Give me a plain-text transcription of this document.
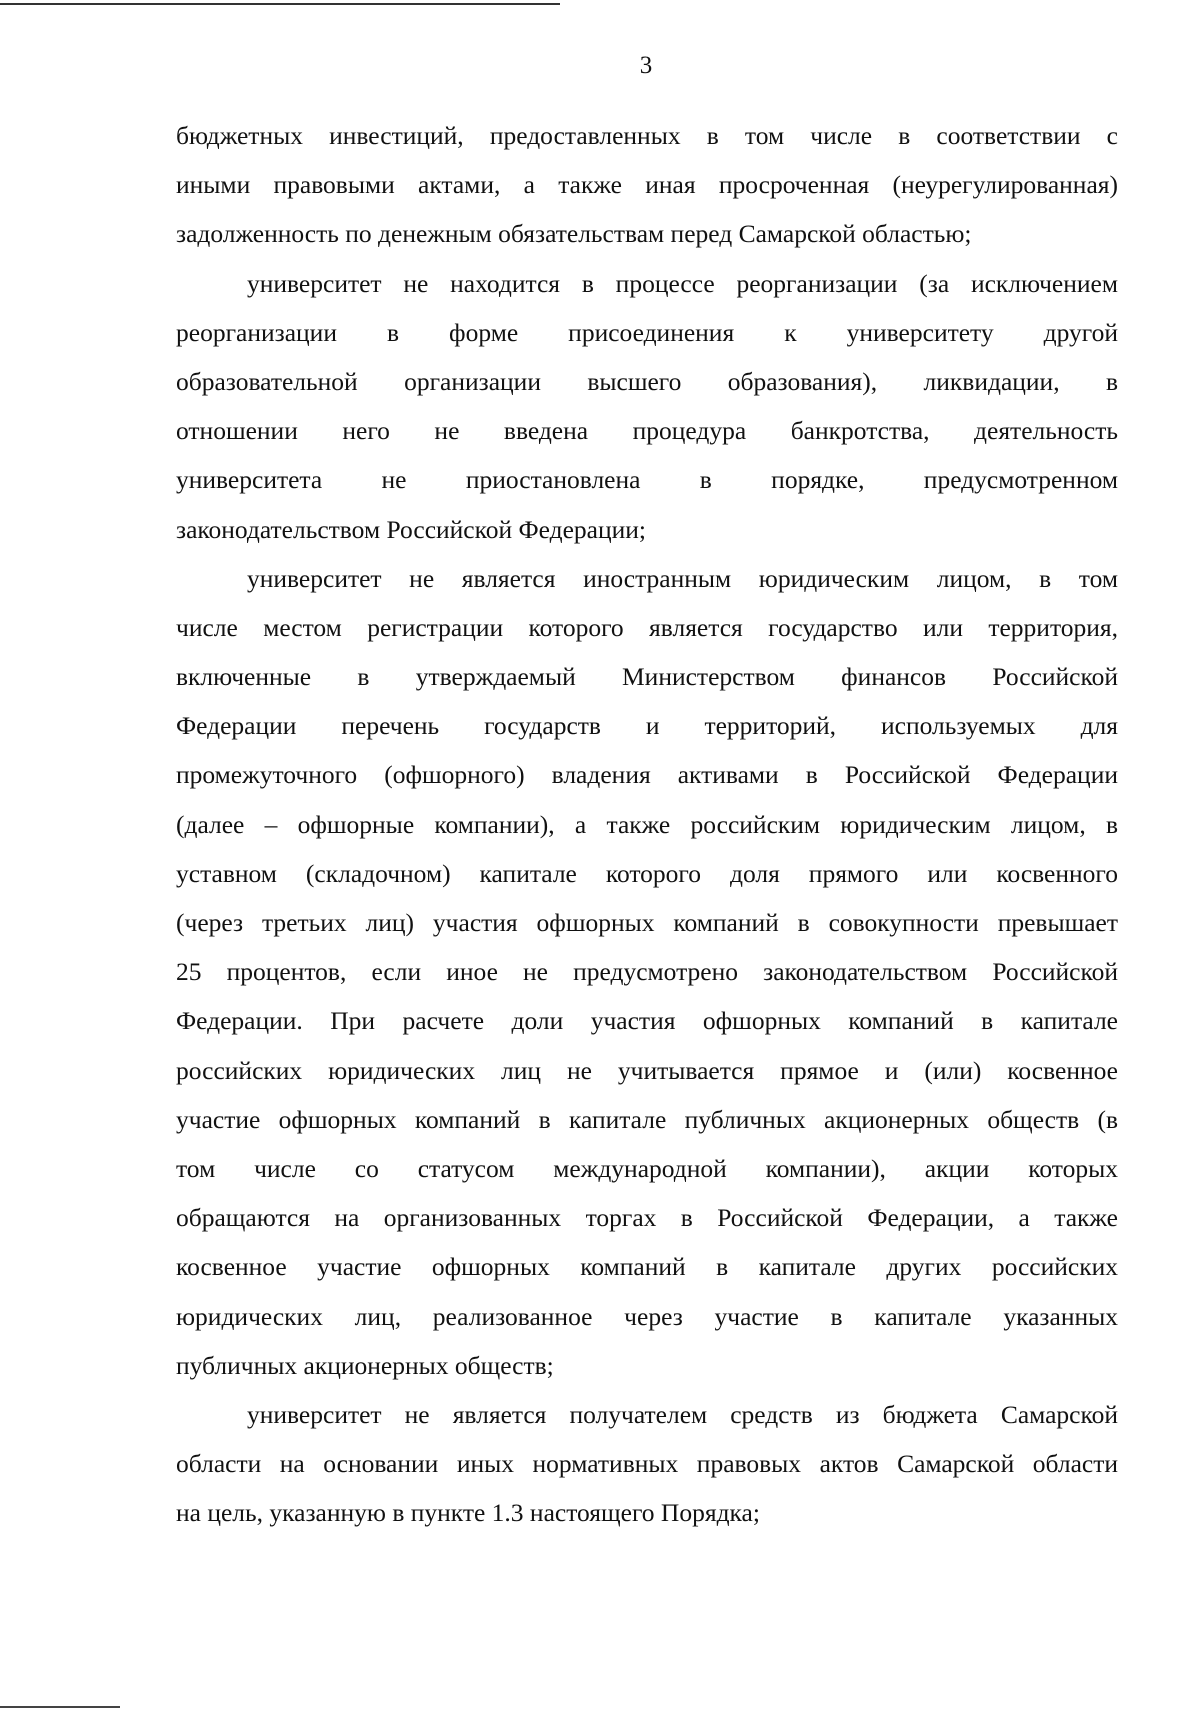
3
бюджетных инвестиций, предоставленных в том числе в соответствии с
иными правовыми актами, а также иная просроченная (неурегулированная)
задолженность по денежным обязательствам перед Самарской областью;
университет не находится в процессе реорганизации (за исключением
реорганизации в форме присоединения к университету другой
образовательной организации высшего образования), ликвидации, в
отношении него не введена процедура банкротства, деятельность
университета не приостановлена в порядке, предусмотренном
законодательством Российской Федерации;
университет не является иностранным юридическим лицом, в том
числе местом регистрации которого является государство или территория,
включенные в утверждаемый Министерством финансов Российской
Федерации перечень государств и территорий, используемых для
промежуточного (офшорного) владения активами в Российской Федерации
(далее – офшорные компании), а также российским юридическим лицом, в
уставном (складочном) капитале которого доля прямого или косвенного
(через третьих лиц) участия офшорных компаний в совокупности превышает
25 процентов, если иное не предусмотрено законодательством Российской
Федерации. При расчете доли участия офшорных компаний в капитале
российских юридических лиц не учитывается прямое и (или) косвенное
участие офшорных компаний в капитале публичных акционерных обществ (в
том числе со статусом международной компании), акции которых
обращаются на организованных торгах в Российской Федерации, а также
косвенное участие офшорных компаний в капитале других российских
юридических лиц, реализованное через участие в капитале указанных
публичных акционерных обществ;
университет не является получателем средств из бюджета Самарской
области на основании иных нормативных правовых актов Самарской области
на цель, указанную в пункте 1.3 настоящего Порядка;
